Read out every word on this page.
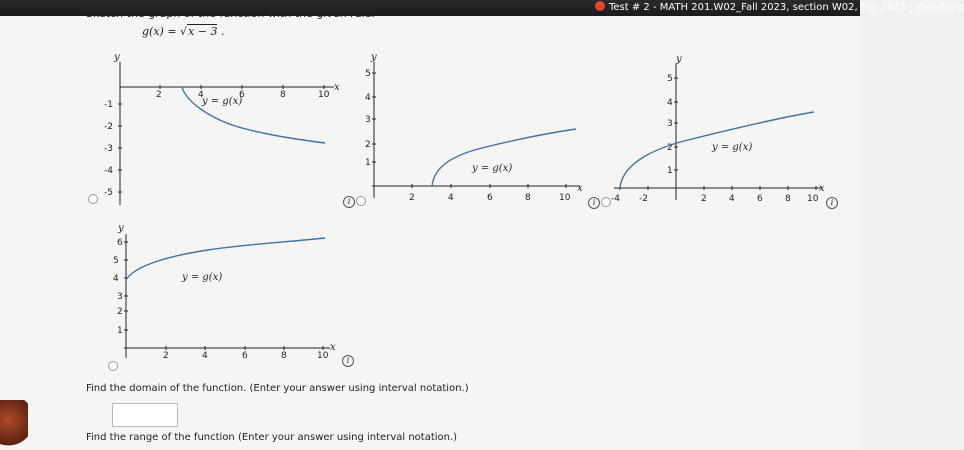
Test # 2 - MATH 201.W02_Fall 2023, section W02, Fall 2023 | WebAssig
Sketch the graph of the function with the given rule.
g(x) = √x − 3 .
y
x
2	4	6	8	10
-1
-2
-3
-4
-5
y = g(x)
i
y
x
2	4	6	8	10
1
2
3
4
5
y = g(x)
i
y
x
-4 -2	2 4 6 8 10
1
2
3
4
5
y = g(x)
i
y
x
2	4	6	8	10
1
2
3
4
5
6
y = g(x)
i
Find the domain of the function. (Enter your answer using interval notation.)
Find the range of the function (Enter your answer using interval notation.)
